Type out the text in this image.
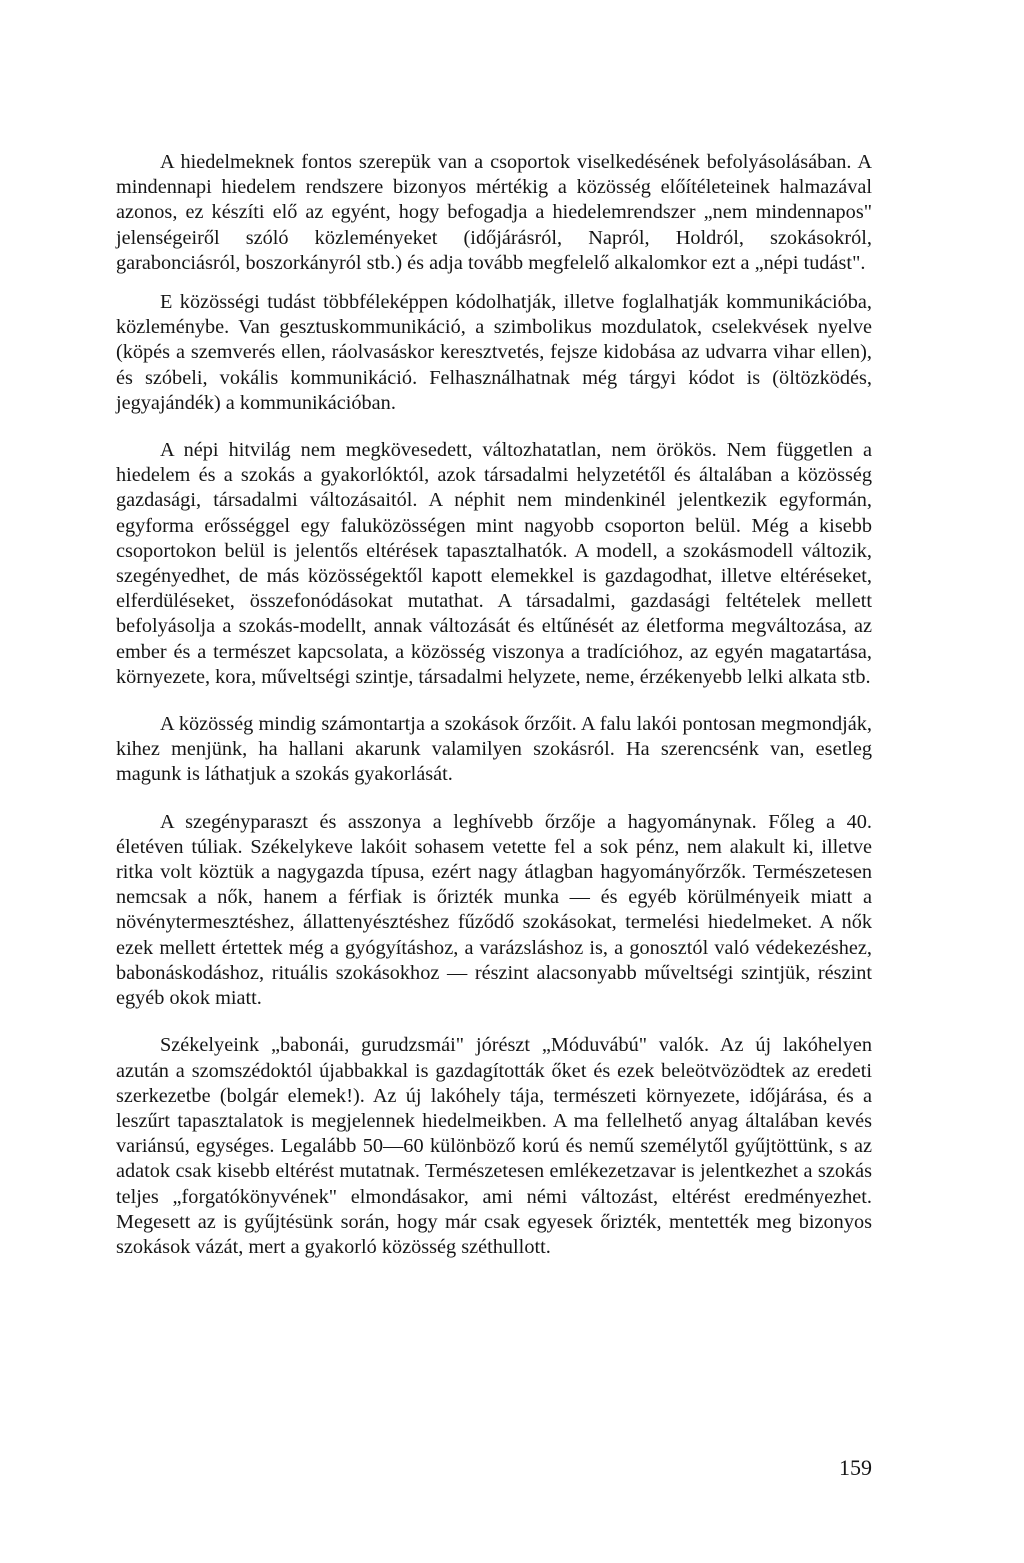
A hiedelmeknek fontos szerepük van a csoportok viselkedésének befolyásolásában. A mindennapi hiedelem rendszere bizonyos mértékig a közösség előítéleteinek halmazával azonos, ez készíti elő az egyént, hogy befogadja a hiedelemrendszer „nem mindennapos" jelenségeiről szóló közleményeket (időjárásról, Napról, Holdról, szokásokról, garabonciásról, boszorkányról stb.) és adja tovább megfelelő alkalomkor ezt a „népi tudást".

E közösségi tudást többféleképpen kódolhatják, illetve foglalhatják kommunikációba, közleménybe. Van gesztuskommunikáció, a szimbolikus mozdulatok, cselekvések nyelve (köpés a szemverés ellen, ráolvasáskor keresztvetés, fejsze kidobása az udvarra vihar ellen), és szóbeli, vokális kommunikáció. Felhasználhatnak még tárgyi kódot is (öltözködés, jegyajándék) a kommunikációban.

A népi hitvilág nem megkövesedett, változhatatlan, nem örökös. Nem független a hiedelem és a szokás a gyakorlóktól, azok társadalmi helyzetétől és általában a közösség gazdasági, társadalmi változásaitól. A néphit nem mindenkinél jelentkezik egyformán, egyforma erősséggel egy faluközösségen mint nagyobb csoporton belül. Még a kisebb csoportokon belül is jelentős eltérések tapasztalhatók. A modell, a szokásmodell változik, szegényedhet, de más közösségektől kapott elemekkel is gazdagodhat, illetve eltéréseket, elferdüléseket, összefonódásokat mutathat. A társadalmi, gazdasági feltételek mellett befolyásolja a szokás-modellt, annak változását és eltűnését az életforma megváltozása, az ember és a természet kapcsolata, a közösség viszonya a tradícióhoz, az egyén magatartása, környezete, kora, műveltségi szintje, társadalmi helyzete, neme, érzékenyebb lelki alkata stb.

A közösség mindig számontartja a szokások őrzőit. A falu lakói pontosan megmondják, kihez menjünk, ha hallani akarunk valamilyen szokásról. Ha szerencsénk van, esetleg magunk is láthatjuk a szokás gyakorlását.

A szegényparaszt és asszonya a leghívebb őrzője a hagyománynak. Főleg a 40. életéven túliak. Székelykeve lakóit sohasem vetette fel a sok pénz, nem alakult ki, illetve ritka volt köztük a nagygazda típusa, ezért nagy átlagban hagyományőrzők. Természetesen nemcsak a nők, hanem a férfiak is őrizték munka — és egyéb körülményeik miatt a növénytermesztéshez, állattenyésztéshez fűződő szokásokat, termelési hiedelmeket. A nők ezek mellett értettek még a gyógyításhoz, a varázsláshoz is, a gonosztól való védekezéshez, babonáskodáshoz, rituális szokásokhoz — részint alacsonyabb műveltségi szintjük, részint egyéb okok miatt.

Székelyeink „babonái, gurudzsmái" jórészt „Móduvábú" valók. Az új lakóhelyen azután a szomszédoktól újabbakkal is gazdagították őket és ezek beleötvözödtek az eredeti szerkezetbe (bolgár elemek!). Az új lakóhely tája, természeti környezete, időjárása, és a leszűrt tapasztalatok is megjelennek hiedelmeikben. A ma fellelhető anyag általában kevés variánsú, egységes. Legalább 50—60 különböző korú és nemű személytől gyűjtöttünk, s az adatok csak kisebb eltérést mutatnak. Természetesen emlékezetzavar is jelentkezhet a szokás teljes „forgatókönyvének" elmondásakor, ami némi változást, eltérést eredményezhet. Megesett az is gyűjtésünk során, hogy már csak egyesek őrizték, mentették meg bizonyos szokások vázát, mert a gyakorló közösség széthullott.

159
